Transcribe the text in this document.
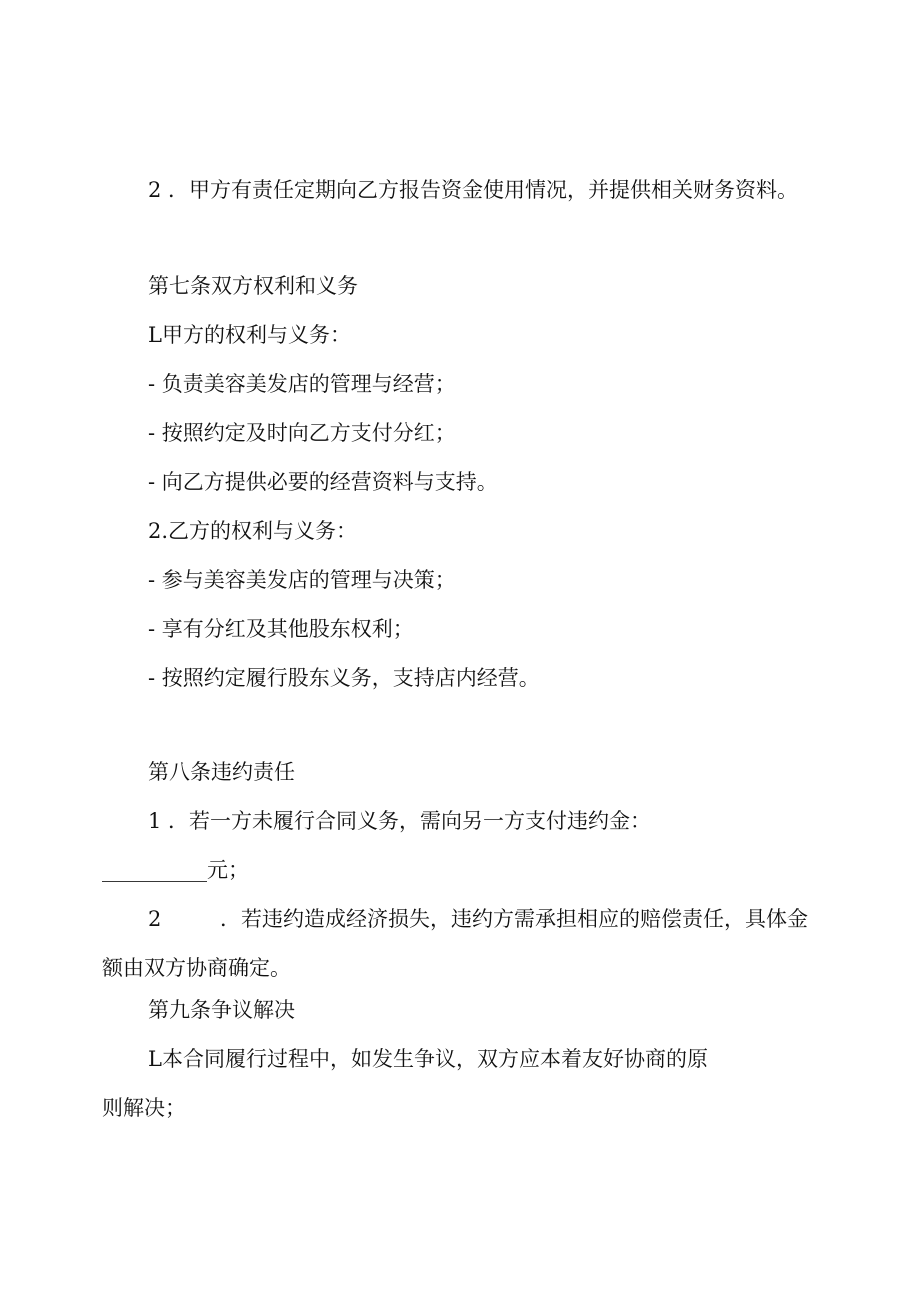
2 ．甲方有责任定期向乙方报告资金使用情况，并提供相关财务资料。
第七条双方权利和义务
L甲方的权利与义务：
- 负责美容美发店的管理与经营；
- 按照约定及时向乙方支付分红；
- 向乙方提供必要的经营资料与支持。
2.乙方的权利与义务：
- 参与美容美发店的管理与决策；
- 享有分红及其他股东权利；
- 按照约定履行股东义务，支持店内经营。
第八条违约责任
1 ．若一方未履行合同义务，需向另一方支付违约金：
__________元；
2	．若违约造成经济损失，违约方需承担相应的赔偿责任，具体金
额由双方协商确定。
第九条争议解决
L本合同履行过程中，如发生争议，双方应本着友好协商的原
则解决；
